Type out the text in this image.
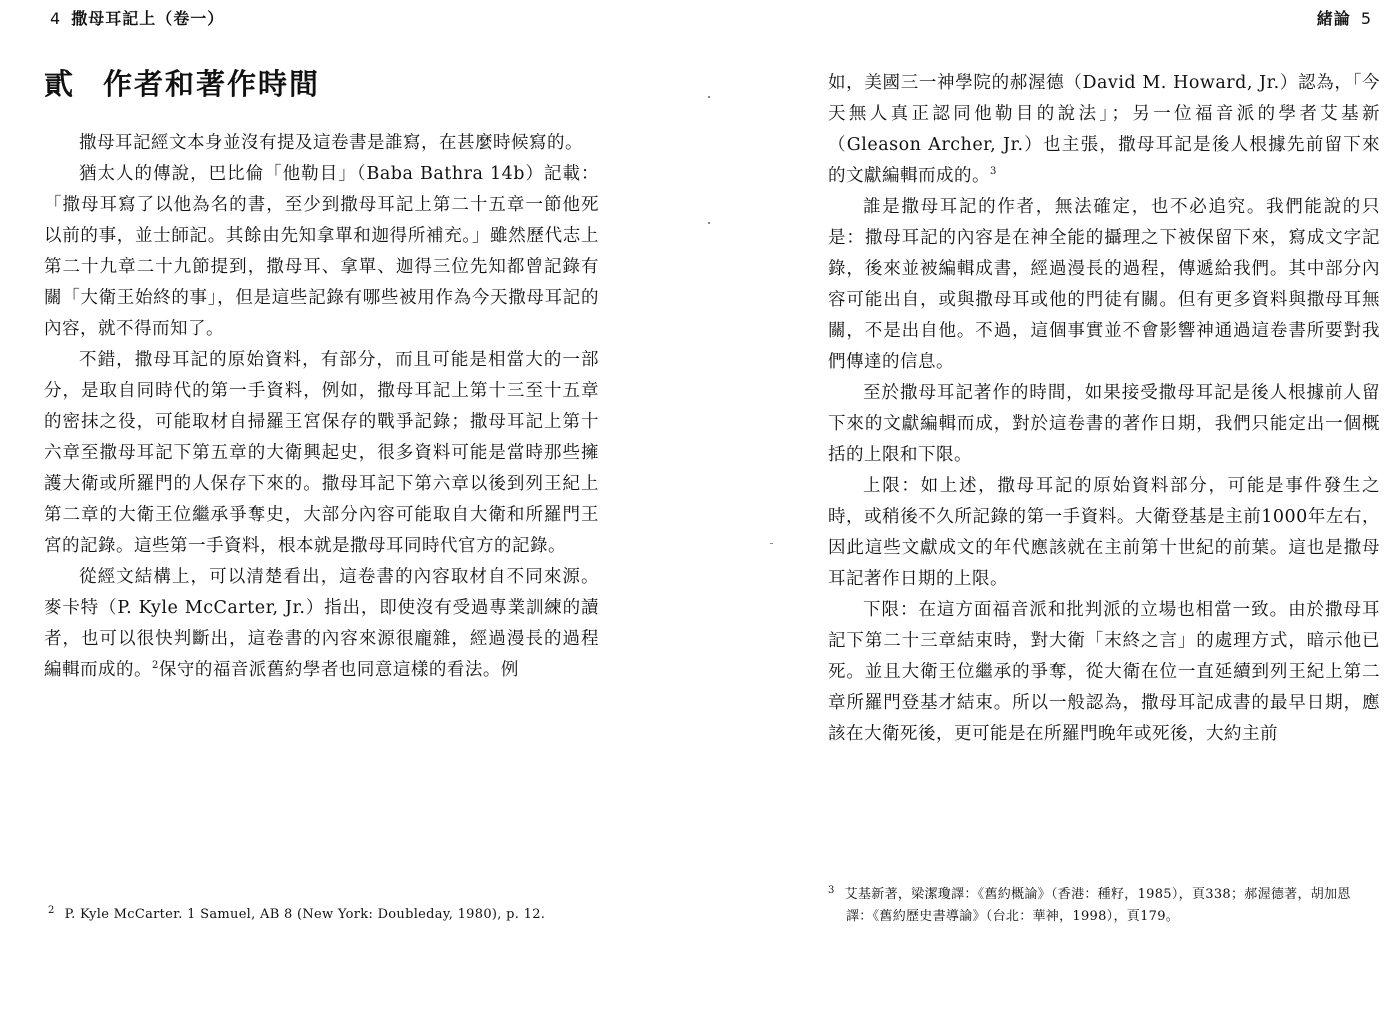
4 撒母耳記上（卷一）
貳 作者和著作時間

撒母耳記經文本身並沒有提及這卷書是誰寫，在甚麼時候寫的。

猶太人的傳說，巴比倫「他勒目」（Baba Bathra 14b）記載：「撒母耳寫了以他為名的書，至少到撒母耳記上第二十五章一節他死以前的事，並士師記。其餘由先知拿單和迦得所補充。」雖然歷代志上第二十九章二十九節提到，撒母耳、拿單、迦得三位先知都曾記錄有關「大衛王始終的事」，但是這些記錄有哪些被用作為今天撒母耳記的內容，就不得而知了。

不錯，撒母耳記的原始資料，有部分，而且可能是相當大的一部分，是取自同時代的第一手資料，例如，撒母耳記上第十三至十五章的密抹之役，可能取材自掃羅王宮保存的戰爭記錄；撒母耳記上第十六章至撒母耳記下第五章的大衛興起史，很多資料可能是當時那些擁護大衛或所羅門的人保存下來的。撒母耳記下第六章以後到列王紀上第二章的大衛王位繼承爭奪史，大部分內容可能取自大衛和所羅門王宮的記錄。這些第一手資料，根本就是撒母耳同時代官方的記錄。

從經文結構上，可以清楚看出，這卷書的內容取材自不同來源。麥卡特（P. Kyle McCarter, Jr.）指出，即使沒有受過專業訓練的讀者，也可以很快判斷出，這卷書的內容來源很龐雜，經過漫長的過程編輯而成的。$^2$保守的福音派舊約學者也同意這樣的看法。例

$^2$ P. Kyle McCarter. 1 Samuel, AB 8 (New York: Doubleday, 1980), p. 12.
緒論 5

如，美國三一神學院的郝渥德（David M. Howard, Jr.）認為，「今天無人真正認同他勒目的說法」；另一位福音派的學者艾基新（Gleason Archer, Jr.）也主張，撒母耳記是後人根據先前留下來的文獻編輯而成的。$^3$

誰是撒母耳記的作者，無法確定，也不必追究。我們能說的只是：撒母耳記的內容是在神全能的攝理之下被保留下來，寫成文字記錄，後來並被編輯成書，經過漫長的過程，傳遞給我們。其中部分內容可能出自，或與撒母耳或他的門徒有關。但有更多資料與撒母耳無關，不是出自他。不過，這個事實並不會影響神通過這卷書所要對我們傳達的信息。

至於撒母耳記著作的時間，如果接受撒母耳記是後人根據前人留下來的文獻編輯而成，對於這卷書的著作日期，我們只能定出一個概括的上限和下限。

上限：如上述，撒母耳記的原始資料部分，可能是事件發生之時，或稍後不久所記錄的第一手資料。大衛登基是主前1000年左右，因此這些文獻成文的年代應該就在主前第十世紀的前葉。這也是撒母耳記著作日期的上限。

下限：在這方面福音派和批判派的立場也相當一致。由於撒母耳記下第二十三章結束時，對大衛「末終之言」的處理方式，暗示他已死。並且大衛王位繼承的爭奪，從大衛在位一直延續到列王紀上第二章所羅門登基才結束。所以一般認為，撒母耳記成書的最早日期，應該在大衛死後，更可能是在所羅門晚年或死後，大約主前

$^3$ 艾基新著，梁潔瓊譯：《舊約概論》（香港：種籽，1985），頁338；郝渥德著，胡加恩
譯：《舊約歷史書導論》（台北：華神，1998），頁179。
